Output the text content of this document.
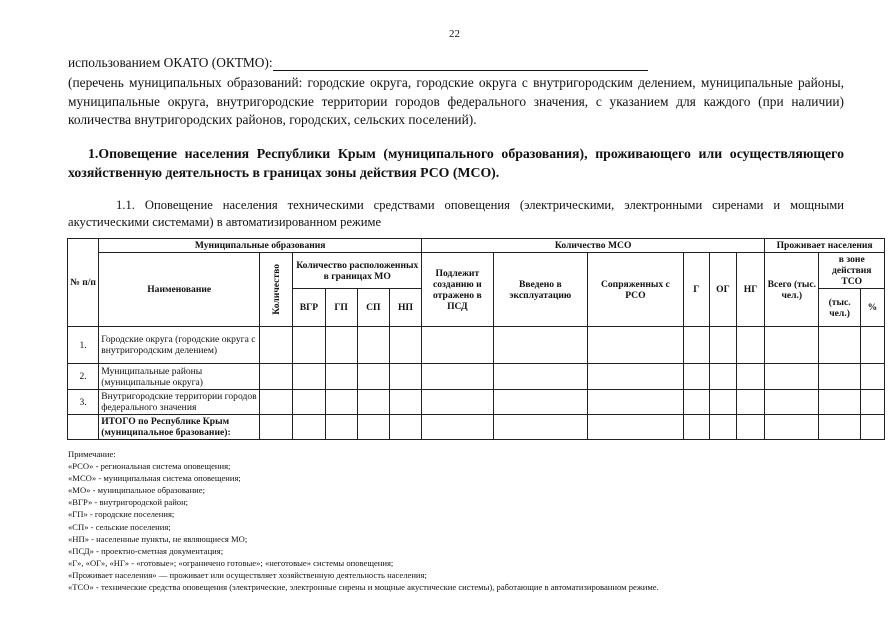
22
использованием ОКАТО (ОКТМО):
(перечень муниципальных образований: городские округа, городские округа с внутригородским делением, муниципальные районы, муниципальные округа, внутригородские территории городов федерального значения, с указанием для каждого (при наличии) количества внутригородских районов, городских, сельских поселений).
1.Оповещение населения Республики Крым (муниципального образования), проживающего или осуществляющего хозяйственную деятельность в границах зоны действия РСО (МСО).
1.1. Оповещение населения техническими средствами оповещения (электрическими, электронными сиренами и мощными акустическими системами) в автоматизированном режиме
№ п/п	Муниципальные образования						Количество МСО						Проживает населения		
	Наименование	Количество	Количество расположенных в границах МО				Подлежит созданию и отражено в ПСД	Введено в эксплуатацию	Сопряженных с РСО	Г	ОГ	НГ	Всего (тыс. чел.)	в зоне действия ТСО	
			ВГР	ГП	СП	НП								(тыс. чел.)	%
1.	Городские округа (городские округа с внутригородским делением)														
2.	Муниципальные районы (муниципальные округа)														
3.	Внутригородские территории городов федерального значения														
	ИТОГО по Республике Крым (муниципальное бразование):														
Примечание:
«РСО» - региональная система оповещения;
«МСО» - муниципальная система оповещения;
«МО» - муниципальное образование;
«ВГР» - внутригородской район;
«ГП» - городские поселения;
«СП» - сельские поселения;
«НП» - населенные пункты, не являющиеся МО;
«ПСД» - проектно-сметная документация;
«Г», «ОГ», «НГ» - «готовые»; «ограничено готовые»; «неготовые» системы оповещения;
«Проживает населения» — проживает или осуществляет хозяйственную деятельность населения;
«ТСО» - технические средства оповещения (электрические, электронные сирены и мощные акустические системы), работающие в автоматизированном режиме.
